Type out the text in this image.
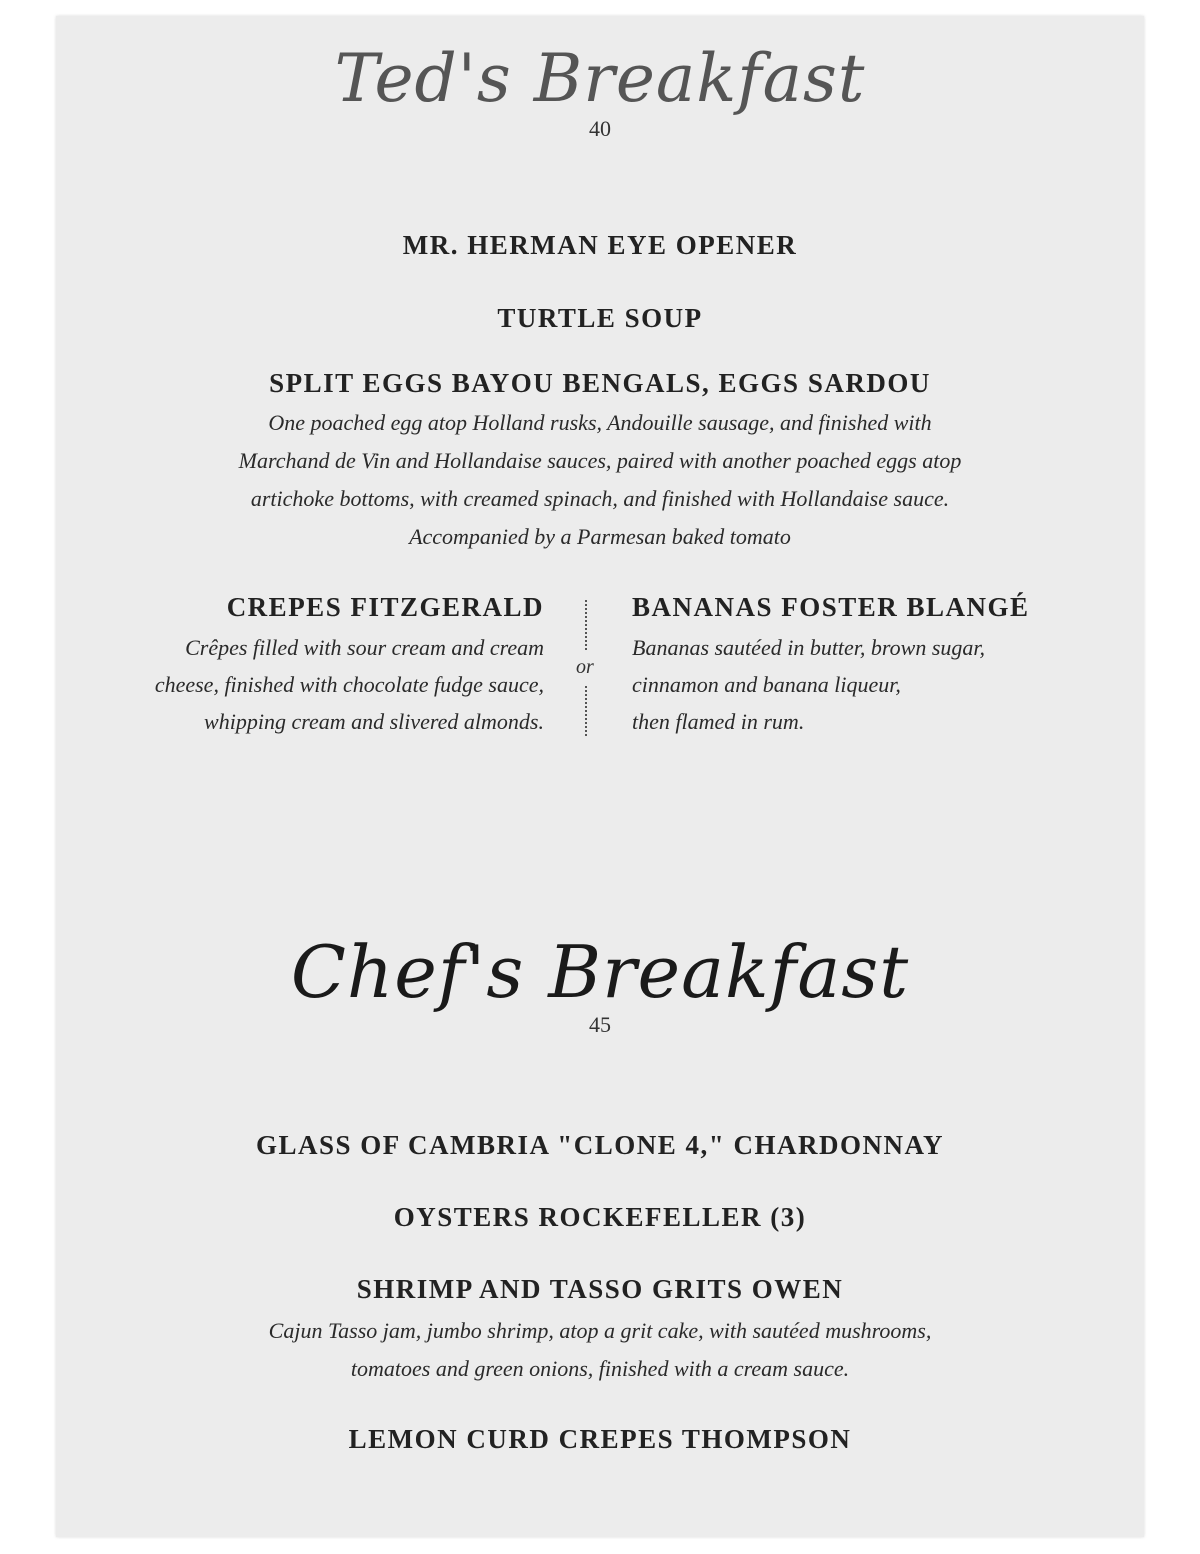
Ted's Breakfast
40
MR. HERMAN EYE OPENER
TURTLE SOUP
SPLIT EGGS BAYOU BENGALS, EGGS SARDOU
One poached egg atop Holland rusks, Andouille sausage, and finished with
Marchand de Vin and Hollandaise sauces, paired with another poached eggs atop
artichoke bottoms, with creamed spinach, and finished with Hollandaise sauce.
Accompanied by a Parmesan baked tomato
CREPES FITZGERALD
Crêpes filled with sour cream and cream
cheese, finished with chocolate fudge sauce,
whipping cream and slivered almonds.
or
BANANAS FOSTER BLANGÉ
Bananas sautéed in butter, brown sugar,
cinnamon and banana liqueur,
then flamed in rum.
Chef's Breakfast
45
GLASS OF CAMBRIA "CLONE 4," CHARDONNAY
OYSTERS ROCKEFELLER (3)
SHRIMP AND TASSO GRITS OWEN
Cajun Tasso jam, jumbo shrimp, atop a grit cake, with sautéed mushrooms,
tomatoes and green onions, finished with a cream sauce.
LEMON CURD CREPES THOMPSON
